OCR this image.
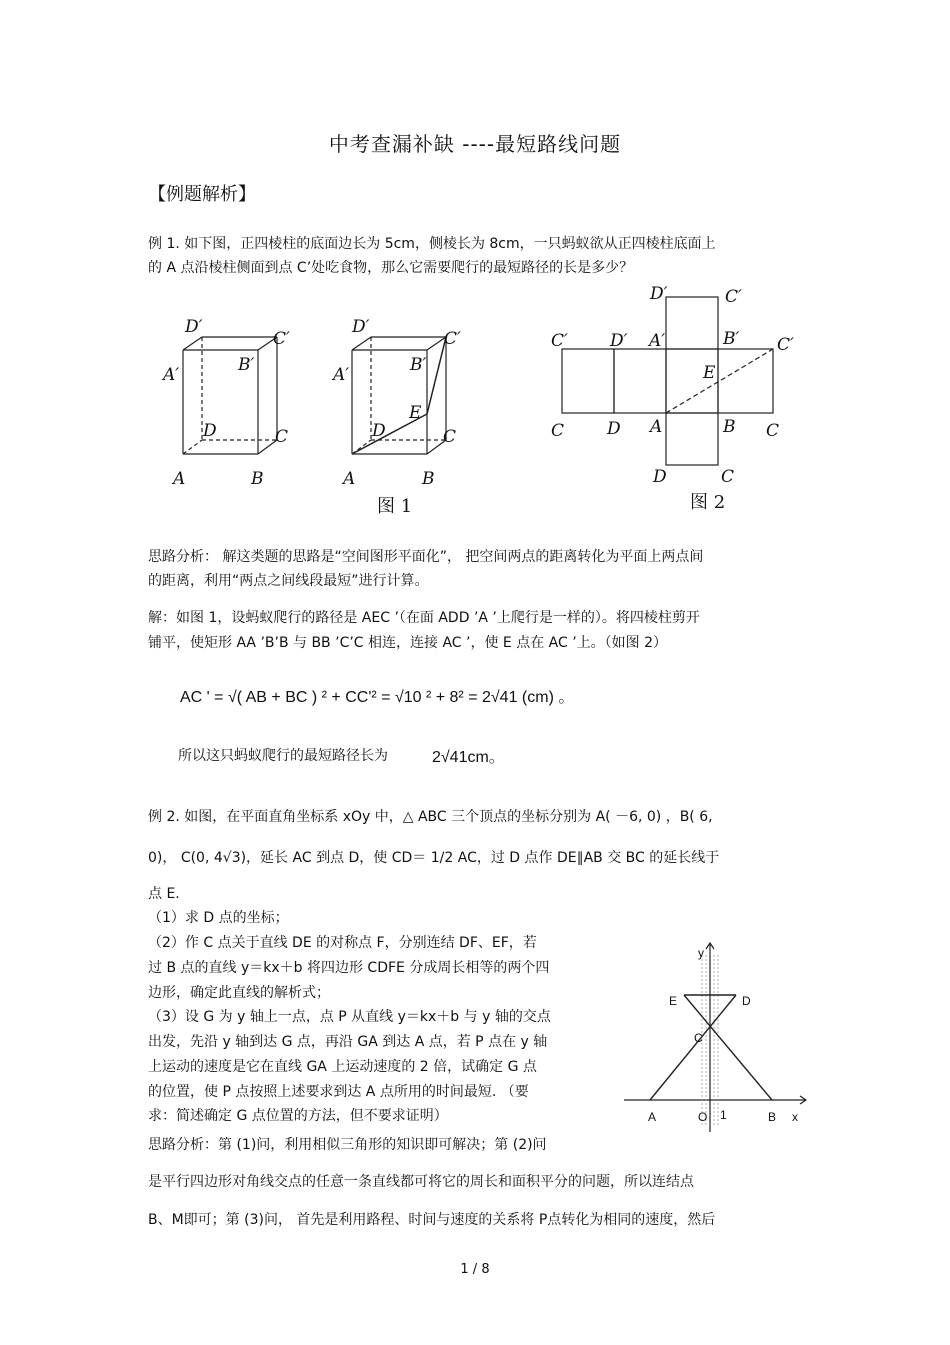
中考查漏补缺 ----最短路线问题
【例题解析】
例 1. 如下图，正四棱柱的底面边长为 5cm，侧棱长为 8cm，一只蚂蚁欲从正四棱柱底面上
的 A 点沿棱柱侧面到点 C’处吃食物，那么它需要爬行的最短路径的长是多少？
D′
C′
A′	B′
D	C
A	B
D′
C′
A′	B′
E
D	C
A	B
图 1
D′	C′
C′ D′ A′	B′ C′
E
C	D A	B C
D	C
图 2
思路分析： 解这类题的思路是“空间图形平面化”， 把空间两点的距离转化为平面上两点间
的距离，利用“两点之间线段最短”进行计算。
解：如图 1，设蚂蚁爬行的路径是 AEC ’（在面 ADD ’A ’上爬行是一样的）。将四棱柱剪开
铺平，使矩形 AA ’B’B 与 BB ’C’C 相连，连接 AC ’，使 E 点在 AC ’上。（如图 2）
AC ' = √( AB + BC ) ² + CC'² = √10 ² + 8² = 2√41 (cm) 。
所以这只蚂蚁爬行的最短路径长为	2√41cm。
例 2. 如图，在平面直角坐标系 xOy 中，△ ABC 三个顶点的坐标分别为 A( －6, 0) ，B( 6,
0)， C(0, 4√3)，延长 AC 到点 D，使 CD＝ 1/2 AC，过 D 点作 DE∥AB 交 BC 的延长线于
点 E.
（1）求 D 点的坐标；
（2）作 C 点关于直线 DE 的对称点 F，分别连结 DF、EF，若
过 B 点的直线 y＝kx＋b 将四边形 CDFE 分成周长相等的两个四
边形，确定此直线的解析式；
（3）设 G 为 y 轴上一点，点 P 从直线 y＝kx＋b 与 y 轴的交点
出发，先沿 y 轴到达 G 点，再沿 GA 到达 A 点，若 P 点在 y 轴
上运动的速度是它在直线 GA 上运动速度的 2 倍，试确定 G 点
的位置，使 P 点按照上述要求到达 A 点所用的时间最短. （要
求：简述确定 G 点位置的方法，但不要求证明）
y
x
E	D
C
A	O 1	B
思路分析：第 (1)问，利用相似三角形的知识即可解决；第 (2)问
是平行四边形对角线交点的任意一条直线都可将它的周长和面积平分的问题，所以连结点
B、M即可；第 (3)问， 首先是利用路程、时间与速度的关系将 P点转化为相同的速度，然后
1 / 8
